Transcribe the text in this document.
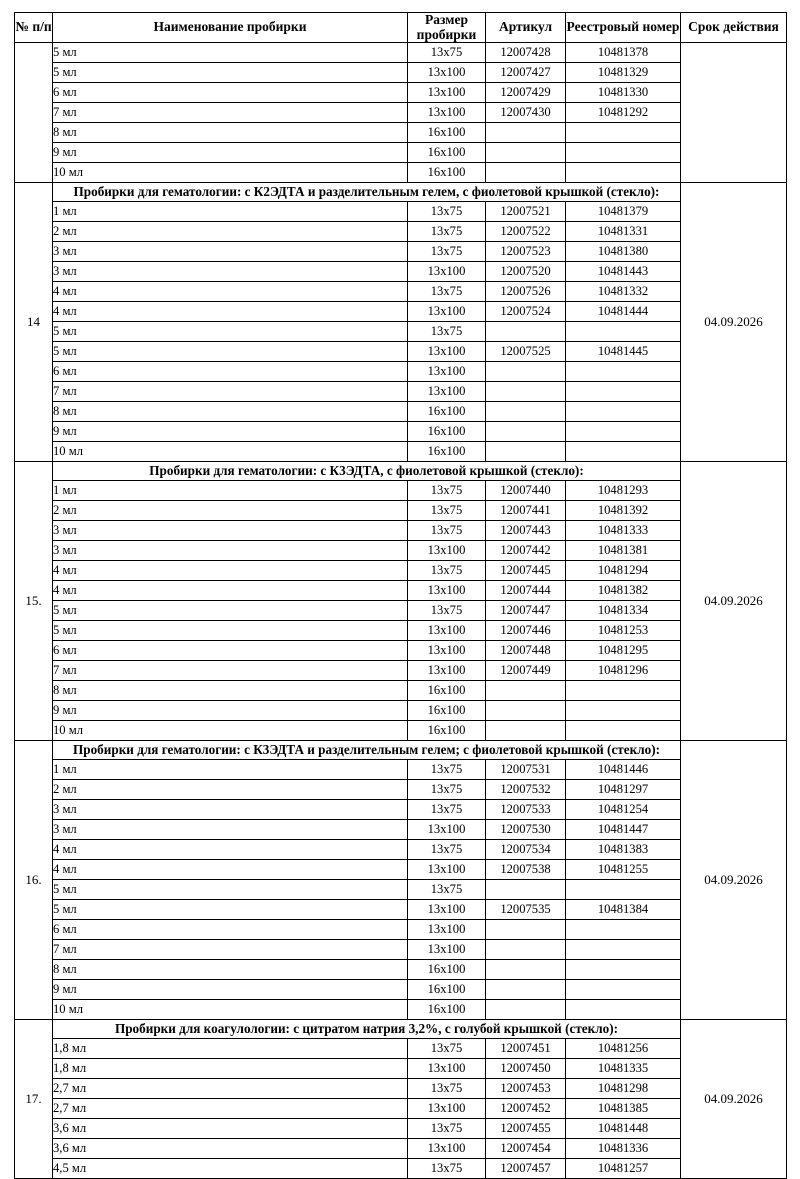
№ п/п	Наименование пробирки	Размер пробирки	Артикул	Реестровый номер	Срок действия
	5 мл	13x75	12007428	10481378	
	5 мл	13x100	12007427	10481329	
	6 мл	13x100	12007429	10481330	
	7 мл	13x100	12007430	10481292	
	8 мл	16x100			
	9 мл	16x100			
	10 мл	16x100			
14	Пробирки для гематологии: с К2ЭДТА и разделительным гелем, с фиолетовой крышкой (стекло):				04.09.2026
	1 мл	13x75	12007521	10481379	
	2 мл	13x75	12007522	10481331	
	3 мл	13x75	12007523	10481380	
	3 мл	13x100	12007520	10481443	
	4 мл	13x75	12007526	10481332	
	4 мл	13x100	12007524	10481444	
	5 мл	13x75			
	5 мл	13x100	12007525	10481445	
	6 мл	13x100			
	7 мл	13x100			
	8 мл	16x100			
	9 мл	16x100			
	10 мл	16x100			
15.	Пробирки для гематологии: с К3ЭДТА, с фиолетовой крышкой (стекло):				04.09.2026
	1 мл	13x75	12007440	10481293	
	2 мл	13x75	12007441	10481392	
	3 мл	13x75	12007443	10481333	
	3 мл	13x100	12007442	10481381	
	4 мл	13x75	12007445	10481294	
	4 мл	13x100	12007444	10481382	
	5 мл	13x75	12007447	10481334	
	5 мл	13x100	12007446	10481253	
	6 мл	13x100	12007448	10481295	
	7 мл	13x100	12007449	10481296	
	8 мл	16x100			
	9 мл	16x100			
	10 мл	16x100			
16.	Пробирки для гематологии: с К3ЭДТА и разделительным гелем; с фиолетовой крышкой (стекло):				04.09.2026
	1 мл	13x75	12007531	10481446	
	2 мл	13x75	12007532	10481297	
	3 мл	13x75	12007533	10481254	
	3 мл	13x100	12007530	10481447	
	4 мл	13x75	12007534	10481383	
	4 мл	13x100	12007538	10481255	
	5 мл	13x75			
	5 мл	13x100	12007535	10481384	
	6 мл	13x100			
	7 мл	13x100			
	8 мл	16x100			
	9 мл	16x100			
	10 мл	16x100			
17.	Пробирки для коагулологии: с цитратом натрия 3,2%, с голубой крышкой (стекло):				04.09.2026
	1,8 мл	13x75	12007451	10481256	
	1,8 мл	13x100	12007450	10481335	
	2,7 мл	13x75	12007453	10481298	
	2,7 мл	13x100	12007452	10481385	
	3,6 мл	13x75	12007455	10481448	
	3,6 мл	13x100	12007454	10481336	
	4,5 мл	13x75	12007457	10481257	
